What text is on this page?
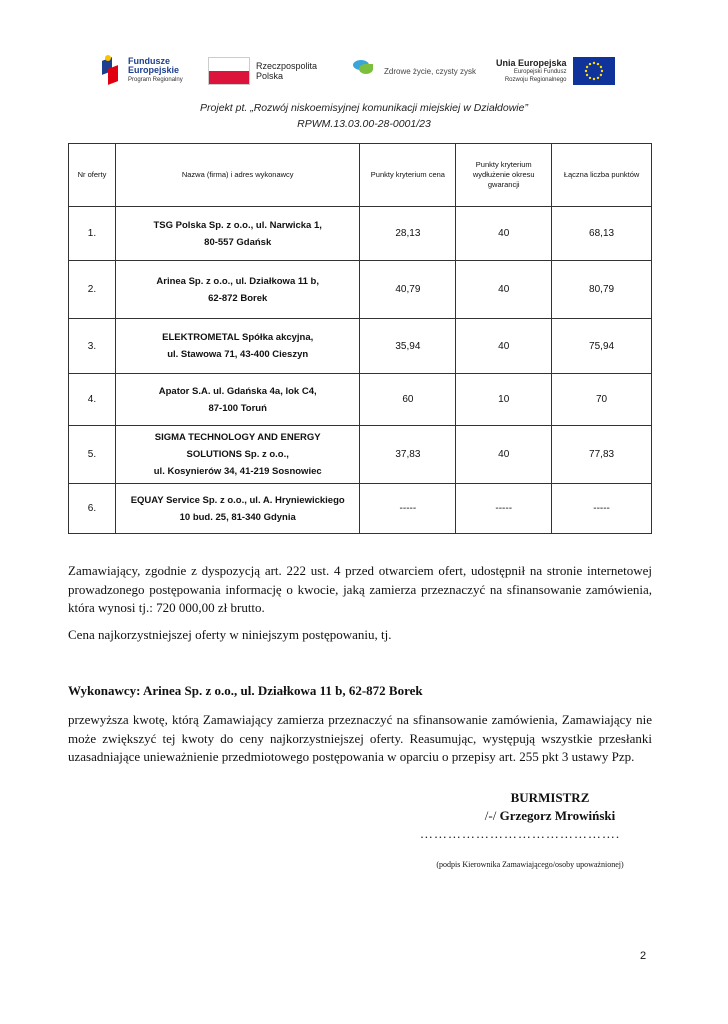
Fundusze
Europejskie
Program Regionalny
Rzeczpospolita
Polska	Zdrowe życie, czysty zysk
Unia Europejska
Europejski Fundusz
Rozwoju Regionalnego
Projekt pt. „Rozwój niskoemisyjnej komunikacji miejskiej w Działdowie”
RPWM.13.03.00-28-0001/23
Nr oferty	Nazwa (firma) i adres wykonawcy	Punkty kryterium cena	Punkty kryterium wydłużenie okresu gwarancji	Łączna liczba punktów
1.	TSG Polska Sp. z o.o., ul. Narwicka 1,
80-557 Gdańsk	28,13	40	68,13
2.	Arinea Sp. z o.o., ul. Działkowa 11 b,
62-872 Borek	40,79	40	80,79
3.	ELEKTROMETAL Spółka akcyjna,
ul. Stawowa 71, 43-400 Cieszyn	35,94	40	75,94
4.	Apator S.A. ul. Gdańska 4a, lok C4,
87-100 Toruń	60	10	70
5.	SIGMA TECHNOLOGY AND ENERGY
SOLUTIONS Sp. z o.o.,
ul. Kosynierów 34, 41-219 Sosnowiec	37,83	40	77,83
6.	EQUAY Service Sp. z o.o., ul. A. Hryniewickiego
10 bud. 25, 81-340 Gdynia	-----	-----	-----

Zamawiający, zgodnie z dyspozycją art. 222 ust. 4 przed otwarciem ofert, udostępnił na stronie internetowej prowadzonego postępowania informację o kwocie, jaką zamierza przeznaczyć na sfinansowanie zamówienia, która wynosi tj.: 720 000,00 zł brutto.

Cena najkorzystniejszej oferty w niniejszym postępowaniu, tj.

Wykonawcy: Arinea Sp. z o.o., ul. Działkowa 11 b, 62-872 Borek

przewyższa kwotę, którą Zamawiający zamierza przeznaczyć na sfinansowanie zamówienia, Zamawiający nie może zwiększyć tej kwoty do ceny najkorzystniejszej oferty. Reasumując, występują wszystkie przesłanki uzasadniające unieważnienie przedmiotowego postępowania w oparciu o przepisy art. 255 pkt 3 ustawy Pzp.

BURMISTRZ
/-/ Grzegorz Mrowiński
…………………………………….
(podpis Kierownika Zamawiającego/osoby upoważnionej)
2
